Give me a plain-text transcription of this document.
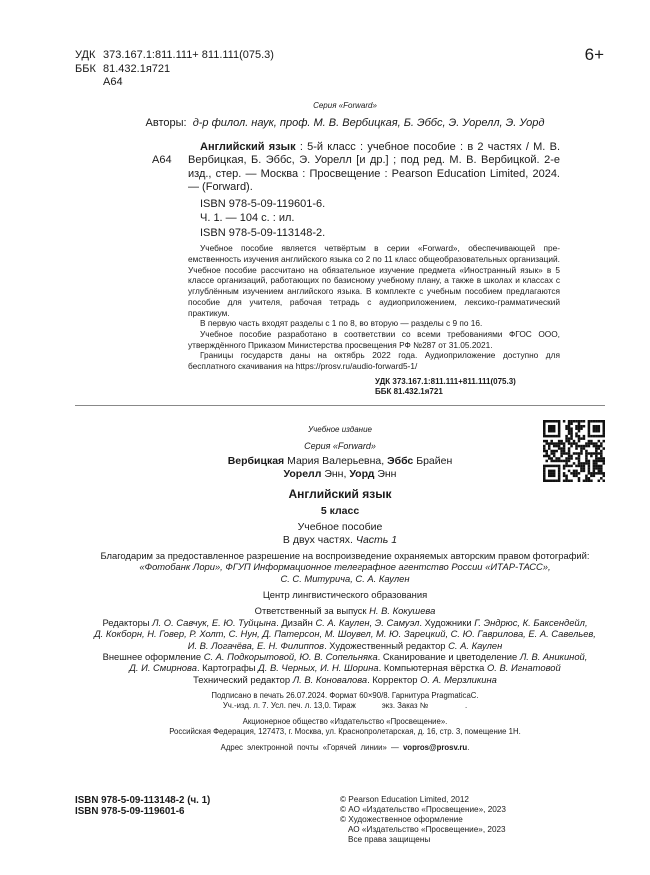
6+
УДК 373.167.1:811.111+ 811.111(075.3)
ББК 81.432.1я721
А64
Серия «Forward»
Авторы: д-р филол. наук, проф. М. В. Вербицкая, Б. Эббс, Э. Уорелл, Э. Уорд
А64

Английский язык : 5-й класс : учебное пособие : в 2 частях / М. В. Вербицкая, Б. Эббс, Э. Уорелл [и др.] ; под ред. М. В. Вербицкой. 2-е изд., стер. — Москва : Просвещение : Pearson Education Limited, 2024. — (Forward).

ISBN 978-5-09-119601-6.
Ч. 1. — 104 с. : ил.
ISBN 978-5-09-113148-2.

Учебное пособие является четвёртым в серии «Forward», обеспечивающей преемственность изучения английского языка со 2 по 11 класс общеобразовательных организаций. Учебное пособие рассчитано на обязательное изучение предмета «Иностранный язык» в 5 классе организаций, работающих по базисному учебному плану, а также в школах и классах с углублённым изучением английского языка. В комплекте с учебным пособием предлагаются пособие для учителя, рабочая тетрадь с аудиоприложением, лексико-грамматический практикум.

В первую часть входят разделы с 1 по 8, во вторую — разделы с 9 по 16.

Учебное пособие разработано в соответствии со всеми требованиями ФГОС ООО, утверждённого Приказом Министерства просвещения РФ №287 от 31.05.2021.

Границы государств даны на октябрь 2022 года. Аудиоприложение доступно для бесплатного скачивания на https://prosv.ru/audio-forward5-1/

УДК 373.167.1:811.111+811.111(075.3)
ББК 81.432.1я721
Учебное издание
Серия «Forward»
Вербицкая Мария Валерьевна, Эббс Брайен
Уорелл Энн, Уорд Энн
Английский язык
5 класс
Учебное пособие
В двух частях. Часть 1

Благодарим за предоставленное разрешение на воспроизведение охраняемых авторским правом фотографий:

«Фотобанк Лори», ФГУП Информационное телеграфное агентство России «ИТАР-ТАСС»,

С. С. Митурича, С. А. Каулен

Центр лингвистического образования

Ответственный за выпуск Н. В. Кокушева

Редакторы Л. О. Савчук, Е. Ю. Туйцына. Дизайн С. А. Каулен, Э. Самуэл. Художники Г. Эндрюс, К. Баксендейл,

Д. Кокборн, Н. Говер, Р. Холт, С. Нун, Д. Патерсон, М. Шоувел, М. Ю. Зарецкий, С. Ю. Гаврилова, Е. А. Савельев,

И. В. Логачёва, Е. Н. Филиппов. Художественный редактор С. А. Каулен

Внешнее оформление С. А. Подкорытовой, Ю. В. Сопельняка. Сканирование и цветоделение Л. В. Аникиной,

Д. И. Смирнова. Картографы Д. В. Черных, И. Н. Шорина. Компьютерная вёрстка О. В. Игнатовой

Технический редактор Л. В. Коновалова. Корректор О. А. Мерзликина

Подписано в печать 26.07.2024. Формат 60×90/8. Гарнитура PragmaticaC.

Уч.-изд. л. 7. Усл. печ. л. 13,0. Тираж            экз. Заказ №                 .

Акционерное общество «Издательство «Просвещение».

Российская Федерация, 127473, г. Москва, ул. Краснопролетарская, д. 16, стр. 3, помещение 1Н.

Адрес электронной почты «Горячей линии» — vopros@prosv.ru.

ISBN 978-5-09-113148-2 (ч. 1)
ISBN 978-5-09-119601-6
© Pearson Education Limited, 2012
© АО «Издательство «Просвещение», 2023
© Художественное оформление
АО «Издательство «Просвещение», 2023
Все права защищены
